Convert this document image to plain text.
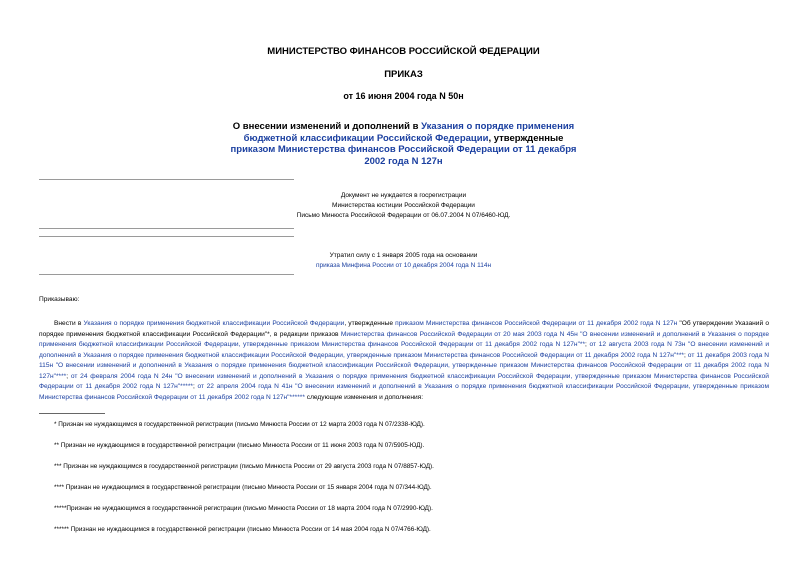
МИНИСТЕРСТВО ФИНАНСОВ РОССИЙСКОЙ ФЕДЕРАЦИИ
ПРИКАЗ
от 16 июня 2004 года N 50н
О внесении изменений и дополнений в Указания о порядке применения бюджетной классификации Российской Федерации, утвержденные приказом Министерства финансов Российской Федерации от 11 декабря 2002 года N 127н
Документ не нуждается в госрегистрации
Министерства юстиции Российской Федерации
Письмо Минюста Российской Федерации от 06.07.2004 N 07/6460-ЮД.
Утратил силу с 1 января 2005 года на основании
приказа Минфина России от 10 декабря 2004 года N 114н
Приказываю:
Внести в Указания о порядке применения бюджетной классификации Российской Федерации, утвержденные приказом Министерства финансов Российской Федерации от 11 декабря 2002 года N 127н "Об утверждении Указаний о порядке применения бюджетной классификации Российской Федерации"*, в редакции приказов Министерства финансов Российской Федерации от 20 мая 2003 года N 45н "О внесении изменений и дополнений в Указания о порядке применения бюджетной классификации Российской Федерации, утвержденные приказом Министерства финансов Российской Федерации от 11 декабря 2002 года N 127н"**; от 12 августа 2003 года N 73н "О внесении изменений и дополнений в Указания о порядке применения бюджетной классификации Российской Федерации, утвержденные приказом Министерства финансов Российской Федерации от 11 декабря 2002 года N 127н"***; от 11 декабря 2003 года N 115н "О внесении изменений и дополнений в Указания о порядке применения бюджетной классификации Российской Федерации, утвержденные приказом Министерства финансов Российской Федерации от 11 декабря 2002 года N 127н"****; от 24 февраля 2004 года N 24н "О внесении изменений и дополнений в Указания о порядке применения бюджетной классификации Российской Федерации, утвержденные приказом Министерства финансов Российской Федерации от 11 декабря 2002 года N 127н"*****; от 22 апреля 2004 года N 41н "О внесении изменений и дополнений в Указания о порядке применения бюджетной классификации Российской Федерации, утвержденные приказом Министерства финансов Российской Федерации от 11 декабря 2002 года N 127н"****** следующие изменения и дополнения:
* Признан не нуждающимся в государственной регистрации (письмо Минюста России от 12 марта 2003 года N 07/2338-ЮД).
** Признан не нуждающимся в государственной регистрации (письмо Минюста России от 11 июня 2003 года N 07/5905-ЮД).
*** Признан не нуждающимся в государственной регистрации (письмо Минюста России от 29 августа 2003 года N 07/8857-ЮД).
**** Признан не нуждающимся в государственной регистрации (письмо Минюста России от 15 января 2004 года N 07/344-ЮД).
*****Признан не нуждающимся в государственной регистрации (письмо Минюста России от 18 марта 2004 года N 07/2990-ЮД).
****** Признан не нуждающимся в государственной регистрации (письмо Минюста России от 14 мая 2004 года N 07/4766-ЮД).
